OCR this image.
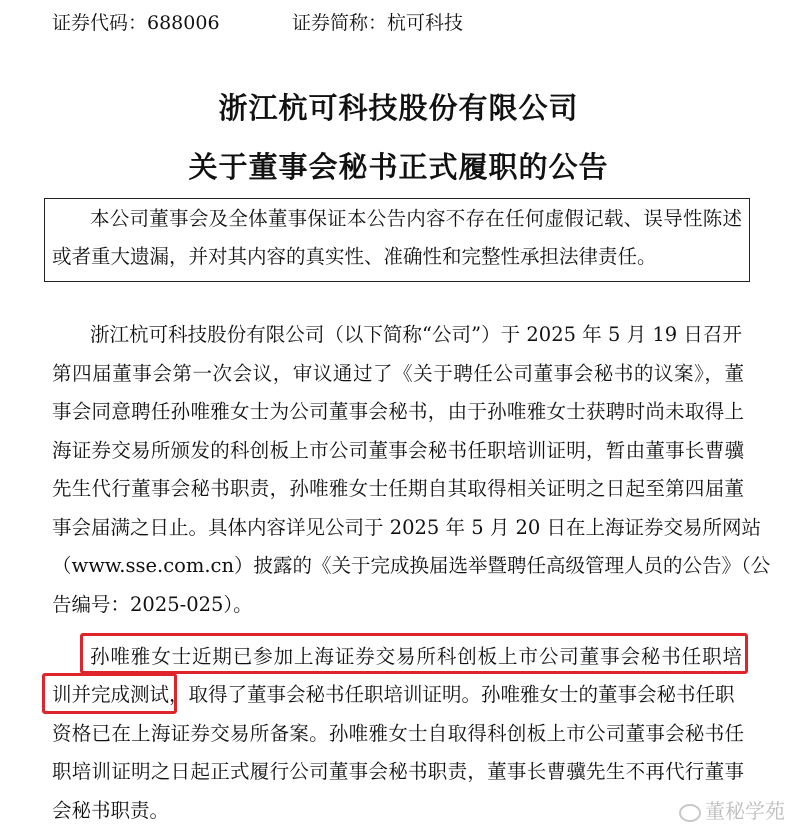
证券代码：688006	证券简称：杭可科技
浙江杭可科技股份有限公司
关于董事会秘书正式履职的公告
本公司董事会及全体董事保证本公告内容不存在任何虚假记载、误导性陈述
或者重大遗漏，并对其内容的真实性、准确性和完整性承担法律责任。
浙江杭可科技股份有限公司（以下简称“公司”）于 2025 年 5 月 19 日召开
第四届董事会第一次会议，审议通过了《关于聘任公司董事会秘书的议案》，董
事会同意聘任孙唯雅女士为公司董事会秘书，由于孙唯雅女士获聘时尚未取得上
海证券交易所颁发的科创板上市公司董事会秘书任职培训证明，暂由董事长曹骥
先生代行董事会秘书职责，孙唯雅女士任期自其取得相关证明之日起至第四届董
事会届满之日止。具体内容详见公司于 2025 年 5 月 20 日在上海证券交易所网站
（www.sse.com.cn）披露的《关于完成换届选举暨聘任高级管理人员的公告》（公
告编号：2025-025）。
孙唯雅女士近期已参加上海证券交易所科创板上市公司董事会秘书任职培
训并完成测试，取得了董事会秘书任职培训证明。孙唯雅女士的董事会秘书任职
资格已在上海证券交易所备案。孙唯雅女士自取得科创板上市公司董事会秘书任
职培训证明之日起正式履行公司董事会秘书职责，董事长曹骥先生不再代行董事
会秘书职责。	董秘学苑
